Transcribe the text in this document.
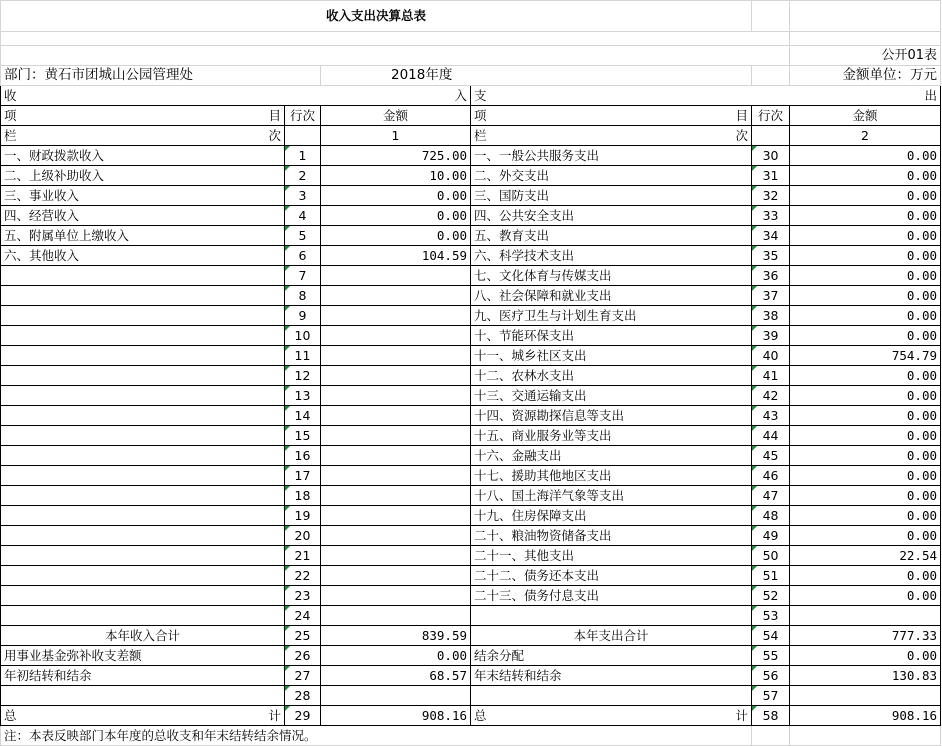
收入支出决算总表					

					公开01表
部门：黄石市团城山公园管理处		2018年度			金额单位：万元

收 入			支 出		

项 目	行次	金额	项 目	行次	金额

栏 次		1	栏 次		2
一、财政拨款收入	1	725.00	一、一般公共服务支出	30	0.00
二、上级补助收入	2	10.00	二、外交支出	31	0.00
三、事业收入	3	0.00	三、国防支出	32	0.00
四、经营收入	4	0.00	四、公共安全支出	33	0.00
五、附属单位上缴收入	5	0.00	五、教育支出	34	0.00
六、其他收入	6	104.59	六、科学技术支出	35	0.00
	7		七、文化体育与传媒支出	36	0.00
	8		八、社会保障和就业支出	37	0.00
	9		九、医疗卫生与计划生育支出	38	0.00
	10		十、节能环保支出	39	0.00
	11		十一、城乡社区支出	40	754.79
	12		十二、农林水支出	41	0.00
	13		十三、交通运输支出	42	0.00
	14		十四、资源勘探信息等支出	43	0.00
	15		十五、商业服务业等支出	44	0.00
	16		十六、金融支出	45	0.00
	17		十七、援助其他地区支出	46	0.00
	18		十八、国土海洋气象等支出	47	0.00
	19		十九、住房保障支出	48	0.00
	20		二十、粮油物资储备支出	49	0.00
	21		二十一、其他支出	50	22.54
	22		二十二、债务还本支出	51	0.00
	23		二十三、债务付息支出	52	0.00
	24			53	
本年收入合计	25	839.59	本年支出合计	54	777.33
用事业基金弥补收支差额	26	0.00	结余分配	55	0.00
年初结转和结余	27	68.57	年末结转和结余	56	130.83
	28			57	

总 计	29	908.16	总 计	58	908.16
注：本表反映部门本年度的总收支和年末结转结余情况。					
